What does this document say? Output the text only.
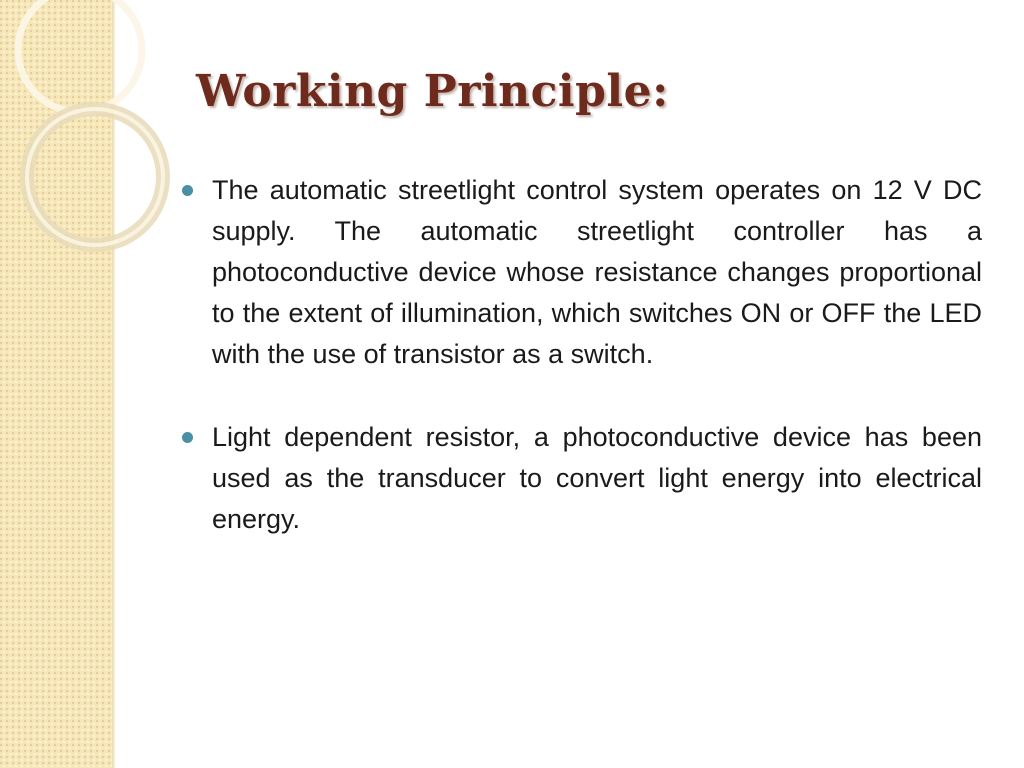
Working Principle:
The automatic streetlight control system operates on 12 V DC supply. The automatic streetlight controller has a photoconductive device whose resistance changes proportional to the extent of illumination, which switches ON or OFF the LED with the use of transistor as a switch.
Light dependent resistor, a photoconductive device has been used as the transducer to convert light energy into electrical energy.
